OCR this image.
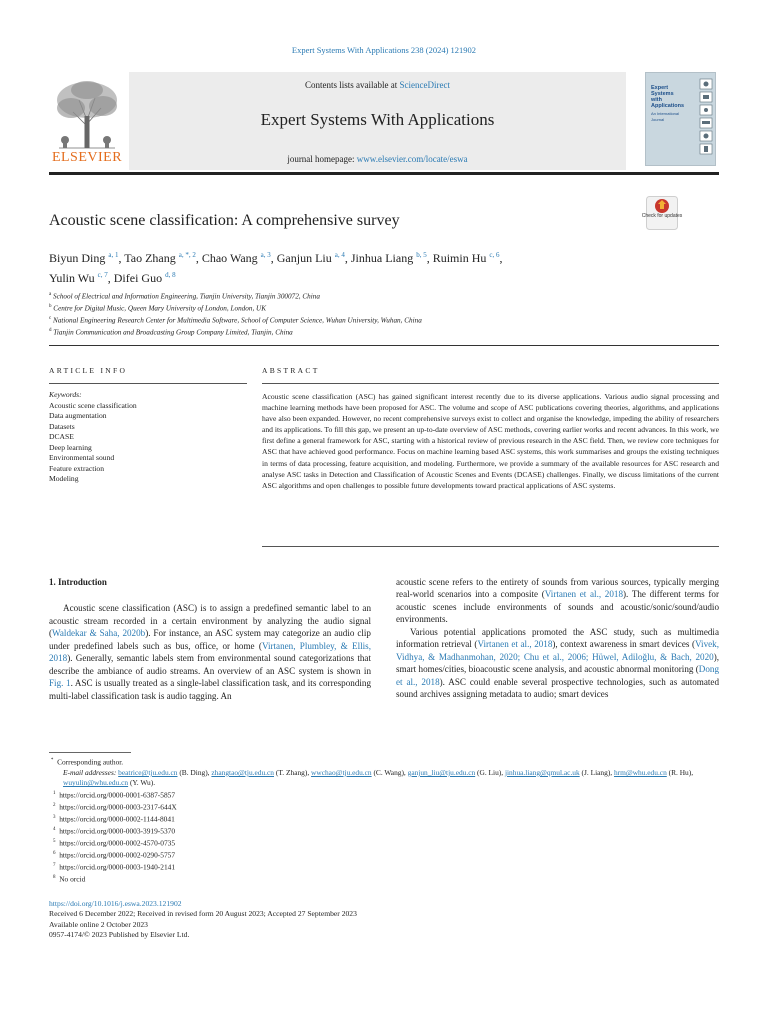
Expert Systems With Applications 238 (2024) 121902
ELSEVIER
Contents lists available at ScienceDirect
Expert Systems With Applications
journal homepage: www.elsevier.com/locate/eswa
Expert
Systems
with
Applications
An International Journal
Acoustic scene classification: A comprehensive survey	Check for updates
Biyun Ding $^{a, 1}$, Tao Zhang $^{a, *, 2}$, Chao Wang $^{a, 3}$, Ganjun Liu $^{a, 4}$, Jinhua Liang $^{b, 5}$, Ruimin Hu $^{c, 6}$,
Yulin Wu $^{c, 7}$, Difei Guo $^{d, 8}$
$^a$ School of Electrical and Information Engineering, Tianjin University, Tianjin 300072, China
$^b$ Centre for Digital Music, Queen Mary University of London, London, UK
$^c$ National Engineering Research Center for Multimedia Software, School of Computer Science, Wuhan University, Wuhan, China
$^d$ Tianjin Communication and Broadcasting Group Company Limited, Tianjin, China
ARTICLE INFO
Keywords:
Acoustic scene classification
Data augmentation
Datasets
DCASE
Deep learning
Environmental sound
Feature extraction
Modeling
ABSTRACT
Acoustic scene classification (ASC) has gained significant interest recently due to its diverse applications. Various audio signal processing and machine learning methods have been proposed for ASC. The volume and scope of ASC publications covering theories, algorithms, and applications have also been expanded. However, no recent comprehensive surveys exist to collect and organise the knowledge, impeding the ability of researchers and its applications. To fill this gap, we present an up-to-date overview of ASC methods, covering earlier works and recent advances. In this work, we first define a general framework for ASC, starting with a historical review of previous research in the ASC field. Then, we review core techniques for ASC that have achieved good performance. Focus on machine learning based ASC systems, this work summarises and groups the existing techniques in terms of data processing, feature acquisition, and modeling. Furthermore, we provide a summary of the available resources for ASC research and analyse ASC tasks in Detection and Classification of Acoustic Scenes and Events (DCASE) challenges. Finally, we discuss limitations of the current ASC algorithms and open challenges to possible future developments toward practical applications of ASC systems.
1. Introduction

Acoustic scene classification (ASC) is to assign a predefined semantic label to an acoustic stream recorded in a certain environment by analyzing the audio signal (Waldekar & Saha, 2020b). For instance, an ASC system may categorize an audio clip under predefined labels such as bus, office, or home (Virtanen, Plumbley, & Ellis, 2018). Generally, semantic labels stem from environmental sound categorizations that describe the ambiance of audio streams. An overview of an ASC system is shown in Fig. 1. ASC is usually treated as a single-label classification task, and its corresponding multi-label classification task is audio tagging. An

acoustic scene refers to the entirety of sounds from various sources, typically merging real-world scenarios into a composite (Virtanen et al., 2018). The different terms for acoustic scenes include environments of sounds and acoustic/sonic/sound/audio environments.

Various potential applications promoted the ASC study, such as multimedia information retrieval (Virtanen et al., 2018), context awareness in smart devices (Vivek, Vidhya, & Madhanmohan, 2020; Chu et al., 2006; Hüwel, Adiloğlu, & Bach, 2020), smart homes/cities, bioacoustic scene analysis, and acoustic abnormal monitoring (Dong et al., 2018). ASC could enable several prospective technologies, such as automated sound archives assigning metadata to audio; smart devices

* Corresponding author.
E-mail addresses: beatrice@tju.edu.cn (B. Ding), zhangtao@tju.edu.cn (T. Zhang), wwchao@tju.edu.cn (C. Wang), ganjun_liu@tju.edu.cn (G. Liu), jinhua.liang@qmul.ac.uk (J. Liang), hrm@whu.edu.cn (R. Hu), wuyulin@whu.edu.cn (Y. Wu).
$^1$  https://orcid.org/0000-0001-6387-5857
$^2$  https://orcid.org/0000-0003-2317-644X
$^3$  https://orcid.org/0000-0002-1144-8041
$^4$  https://orcid.org/0000-0003-3919-5370
$^5$  https://orcid.org/0000-0002-4570-0735
$^6$  https://orcid.org/0000-0002-0290-5757
$^7$  https://orcid.org/0000-0003-1940-2141
$^8$  No orcid
https://doi.org/10.1016/j.eswa.2023.121902
Received 6 December 2022; Received in revised form 20 August 2023; Accepted 27 September 2023
Available online 2 October 2023
0957-4174/© 2023 Published by Elsevier Ltd.
